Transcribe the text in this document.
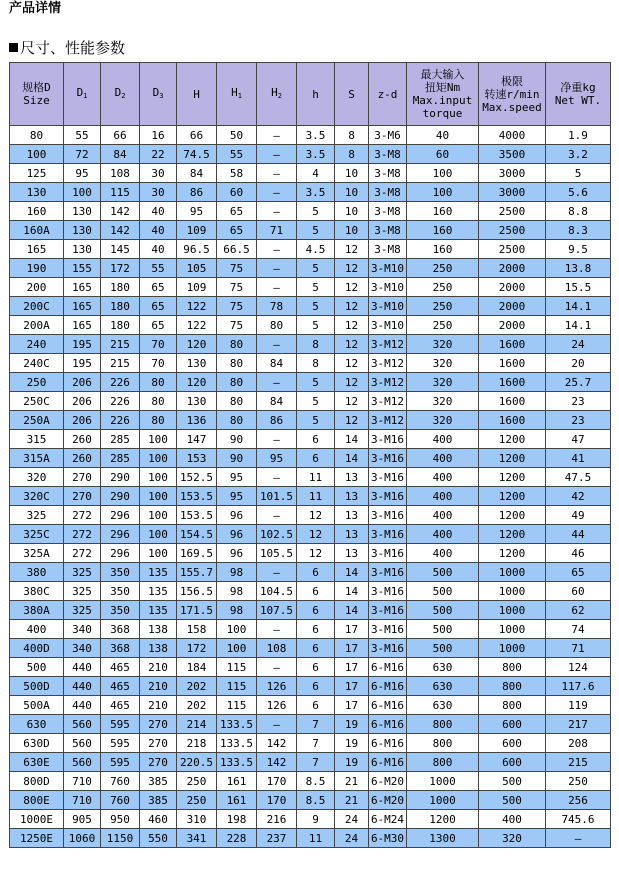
产品详情
尺寸、性能参数
规格D
Size	$D_1$	$D_2$	$D_3$	H	$H_1$	$H_2$	h	S	z-d	最大输入
扭矩Nm
Max.input
torque	极限
转速r/min
Max.speed	净重kg
Net WT.

80	55	66	16	66	50	—	3.5	8	3-M6	40	4000	1.9
100	72	84	22	74.5	55	—	3.5	8	3-M8	60	3500	3.2
125	95	108	30	84	58	—	4	10	3-M8	100	3000	5
130	100	115	30	86	60	—	3.5	10	3-M8	100	3000	5.6
160	130	142	40	95	65	—	5	10	3-M8	160	2500	8.8
160A	130	142	40	109	65	71	5	10	3-M8	160	2500	8.3
165	130	145	40	96.5	66.5	—	4.5	12	3-M8	160	2500	9.5
190	155	172	55	105	75	—	5	12	3-M10	250	2000	13.8
200	165	180	65	109	75	—	5	12	3-M10	250	2000	15.5
200C	165	180	65	122	75	78	5	12	3-M10	250	2000	14.1
200A	165	180	65	122	75	80	5	12	3-M10	250	2000	14.1
240	195	215	70	120	80	—	8	12	3-M12	320	1600	24
240C	195	215	70	130	80	84	8	12	3-M12	320	1600	20
250	206	226	80	120	80	—	5	12	3-M12	320	1600	25.7
250C	206	226	80	130	80	84	5	12	3-M12	320	1600	23
250A	206	226	80	136	80	86	5	12	3-M12	320	1600	23
315	260	285	100	147	90	—	6	14	3-M16	400	1200	47
315A	260	285	100	153	90	95	6	14	3-M16	400	1200	41
320	270	290	100	152.5	95	—	11	13	3-M16	400	1200	47.5
320C	270	290	100	153.5	95	101.5	11	13	3-M16	400	1200	42
325	272	296	100	153.5	96	—	12	13	3-M16	400	1200	49
325C	272	296	100	154.5	96	102.5	12	13	3-M16	400	1200	44
325A	272	296	100	169.5	96	105.5	12	13	3-M16	400	1200	46
380	325	350	135	155.7	98	—	6	14	3-M16	500	1000	65
380C	325	350	135	156.5	98	104.5	6	14	3-M16	500	1000	60
380A	325	350	135	171.5	98	107.5	6	14	3-M16	500	1000	62
400	340	368	138	158	100	—	6	17	3-M16	500	1000	74
400D	340	368	138	172	100	108	6	17	3-M16	500	1000	71
500	440	465	210	184	115	—	6	17	6-M16	630	800	124
500D	440	465	210	202	115	126	6	17	6-M16	630	800	117.6
500A	440	465	210	202	115	126	6	17	6-M16	630	800	119
630	560	595	270	214	133.5	—	7	19	6-M16	800	600	217
630D	560	595	270	218	133.5	142	7	19	6-M16	800	600	208
630E	560	595	270	220.5	133.5	142	7	19	6-M16	800	600	215
800D	710	760	385	250	161	170	8.5	21	6-M20	1000	500	250
800E	710	760	385	250	161	170	8.5	21	6-M20	1000	500	256
1000E	905	950	460	310	198	216	9	24	6-M24	1200	400	745.6
1250E	1060	1150	550	341	228	237	11	24	6-M30	1300	320	—
